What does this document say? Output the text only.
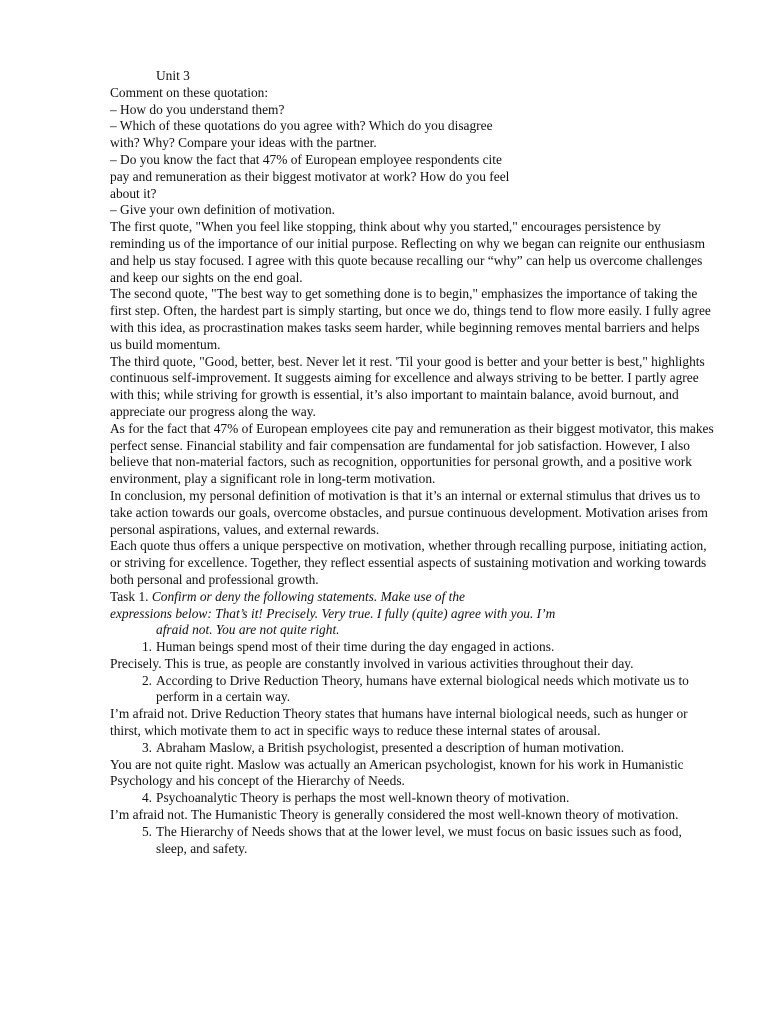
Unit 3
Comment on these quotation:
– How do you understand them?
– Which of these quotations do you agree with? Which do you disagree
with? Why? Compare your ideas with the partner.
– Do you know the fact that 47% of European employee respondents cite
pay and remuneration as their biggest motivator at work? How do you feel
about it?
– Give your own definition of motivation.

The first quote, "When you feel like stopping, think about why you started," encourages persistence by reminding us of the importance of our initial purpose. Reflecting on why we began can reignite our enthusiasm and help us stay focused. I agree with this quote because recalling our “why” can help us overcome challenges and keep our sights on the end goal.

The second quote, "The best way to get something done is to begin," emphasizes the importance of taking the first step. Often, the hardest part is simply starting, but once we do, things tend to flow more easily. I fully agree with this idea, as procrastination makes tasks seem harder, while beginning removes mental barriers and helps us build momentum.

The third quote, "Good, better, best. Never let it rest. 'Til your good is better and your better is best," highlights continuous self-improvement. It suggests aiming for excellence and always striving to be better. I partly agree with this; while striving for growth is essential, it’s also important to maintain balance, avoid burnout, and appreciate our progress along the way.

As for the fact that 47% of European employees cite pay and remuneration as their biggest motivator, this makes perfect sense. Financial stability and fair compensation are fundamental for job satisfaction. However, I also believe that non-material factors, such as recognition, opportunities for personal growth, and a positive work environment, play a significant role in long-term motivation.

In conclusion, my personal definition of motivation is that it’s an internal or external stimulus that drives us to take action towards our goals, overcome obstacles, and pursue continuous development. Motivation arises from personal aspirations, values, and external rewards.

Each quote thus offers a unique perspective on motivation, whether through recalling purpose, initiating action, or striving for excellence. Together, they reflect essential aspects of sustaining motivation and working towards both personal and professional growth.

Task 1. Confirm or deny the following statements. Make use of the
expressions below: That’s it! Precisely. Very true. I fully (quite) agree with you. I’m
afraid not. You are not quite right.
1 . Human beings spend most of their time during the day engaged in actions.

Precisely. This is true, as people are constantly involved in various activities throughout their day.

2 . According to Drive Reduction Theory, humans have external biological needs which motivate us to perform in a certain way.

I’m afraid not. Drive Reduction Theory states that humans have internal biological needs, such as hunger or thirst, which motivate them to act in specific ways to reduce these internal states of arousal.

3 . Abraham Maslow, a British psychologist, presented a description of human motivation.

You are not quite right. Maslow was actually an American psychologist, known for his work in Humanistic Psychology and his concept of the Hierarchy of Needs.

4 . Psychoanalytic Theory is perhaps the most well-known theory of motivation.

I’m afraid not. The Humanistic Theory is generally considered the most well-known theory of motivation.

5 . The Hierarchy of Needs shows that at the lower level, we must focus on basic issues such as food, sleep, and safety.
